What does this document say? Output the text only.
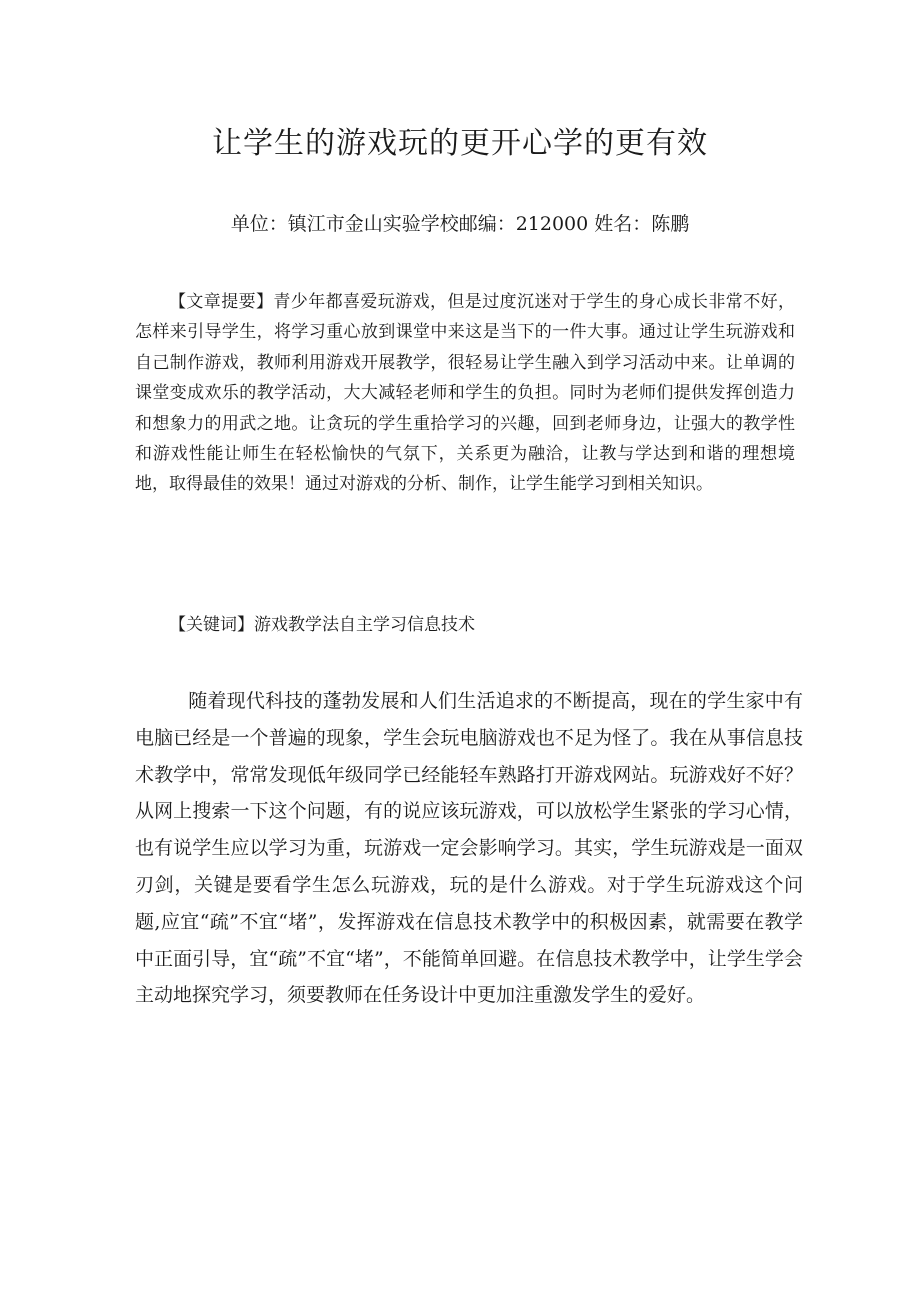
让学生的游戏玩的更开心学的更有效

单位：镇江市金山实验学校邮编：212000 姓名：陈鹏

【文章提要】青少年都喜爱玩游戏，但是过度沉迷对于学生的身心成长非常不好，怎样来引导学生，将学习重心放到课堂中来这是当下的一件大事。通过让学生玩游戏和自己制作游戏，教师利用游戏开展教学，很轻易让学生融入到学习活动中来。让单调的课堂变成欢乐的教学活动，大大减轻老师和学生的负担。同时为老师们提供发挥创造力和想象力的用武之地。让贪玩的学生重拾学习的兴趣，回到老师身边，让强大的教学性和游戏性能让师生在轻松愉快的气氛下，关系更为融洽，让教与学达到和谐的理想境地，取得最佳的效果！通过对游戏的分析、制作，让学生能学习到相关知识。

【关键词】游戏教学法自主学习信息技术

随着现代科技的蓬勃发展和人们生活追求的不断提高，现在的学生家中有电脑已经是一个普遍的现象，学生会玩电脑游戏也不足为怪了。我在从事信息技术教学中，常常发现低年级同学已经能轻车熟路打开游戏网站。玩游戏好不好？从网上搜索一下这个问题，有的说应该玩游戏，可以放松学生紧张的学习心情，也有说学生应以学习为重，玩游戏一定会影响学习。其实，学生玩游戏是一面双刃剑，关键是要看学生怎么玩游戏，玩的是什么游戏。对于学生玩游戏这个问题,应宜“疏”不宜“堵”，发挥游戏在信息技术教学中的积极因素，就需要在教学中正面引导，宜“疏”不宜“堵”，不能简单回避。在信息技术教学中，让学生学会主动地探究学习，须要教师在任务设计中更加注重激发学生的爱好。
